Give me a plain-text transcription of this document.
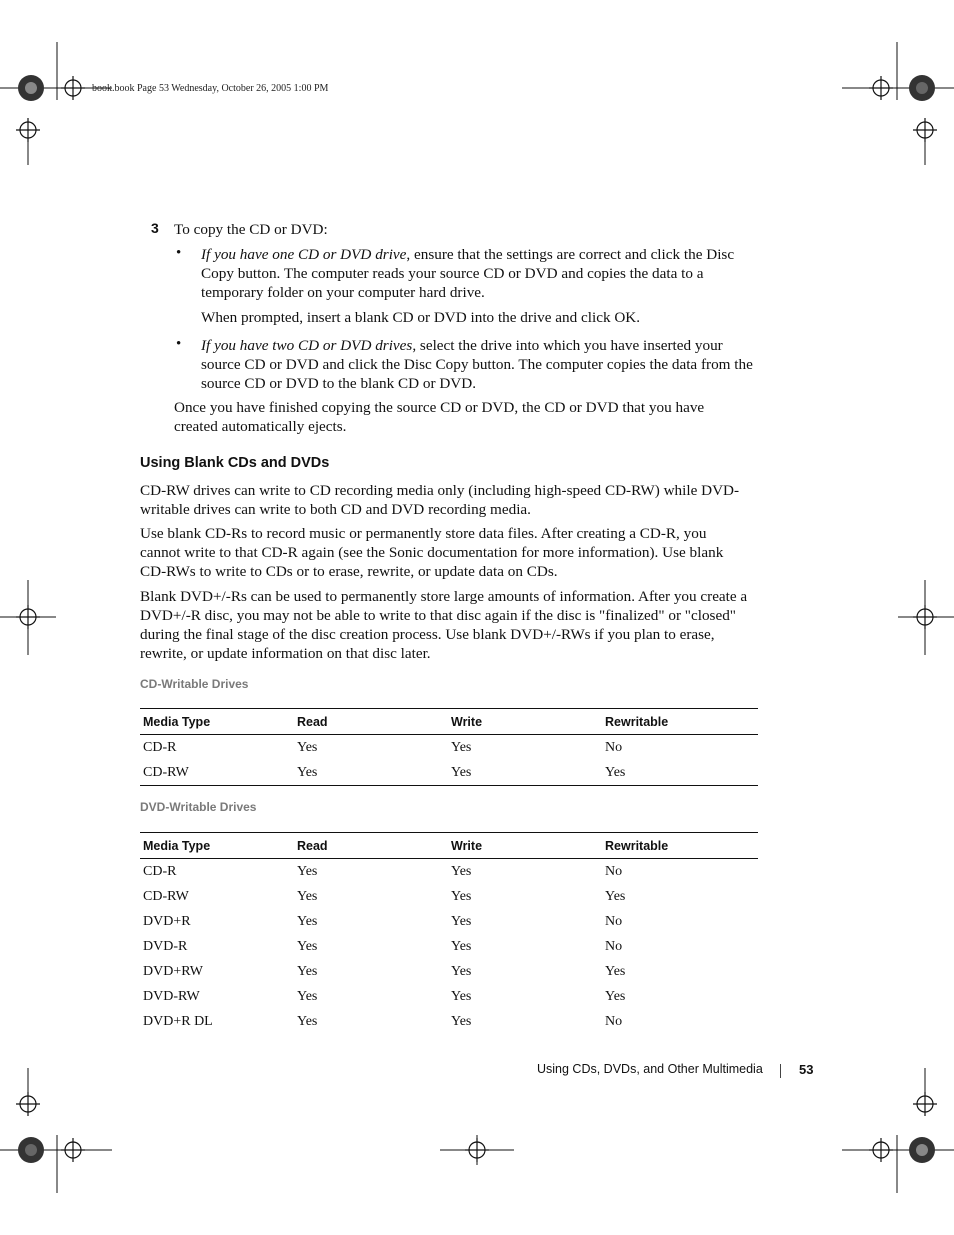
book.book Page 53 Wednesday, October 26, 2005 1:00 PM
3 To copy the CD or DVD:
• If you have one CD or DVD drive, ensure that the settings are correct and click the Disc Copy button. The computer reads your source CD or DVD and copies the data to a temporary folder on your computer hard drive.
When prompted, insert a blank CD or DVD into the drive and click OK.
• If you have two CD or DVD drives, select the drive into which you have inserted your source CD or DVD and click the Disc Copy button. The computer copies the data from the source CD or DVD to the blank CD or DVD.
Once you have finished copying the source CD or DVD, the CD or DVD that you have created automatically ejects.
Using Blank CDs and DVDs
CD-RW drives can write to CD recording media only (including high-speed CD-RW) while DVD-writable drives can write to both CD and DVD recording media.
Use blank CD-Rs to record music or permanently store data files. After creating a CD-R, you cannot write to that CD-R again (see the Sonic documentation for more information). Use blank CD-RWs to write to CDs or to erase, rewrite, or update data on CDs.
Blank DVD+/-Rs can be used to permanently store large amounts of information. After you create a DVD+/-R disc, you may not be able to write to that disc again if the disc is "finalized" or "closed" during the final stage of the disc creation process. Use blank DVD+/-RWs if you plan to erase, rewrite, or update information on that disc later.
CD-Writable Drives
Media Type	Read	Write	Rewritable
CD-R	Yes	Yes	No
CD-RW	Yes	Yes	Yes
DVD-Writable Drives
Media Type	Read	Write	Rewritable
CD-R	Yes	Yes	No
CD-RW	Yes	Yes	Yes
DVD+R	Yes	Yes	No
DVD-R	Yes	Yes	No
DVD+RW	Yes	Yes	Yes
DVD-RW	Yes	Yes	Yes
DVD+R DL	Yes	Yes	No
Using CDs, DVDs, and Other Multimedia	53
